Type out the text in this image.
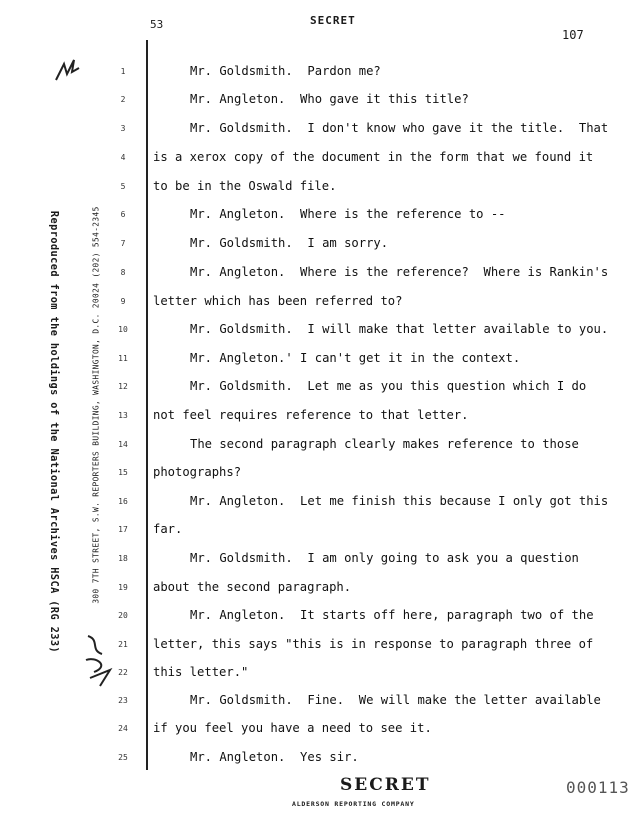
53	SECRET
107
Reproduced from the holdings of the National Archives HSCA (RG 233)	300 7TH STREET, S.W. REPORTERS BUILDING, WASHINGTON, D.C. 20024 (202) 554-2345
1
2
3
4
5
6
7
8
9
10
11
12
13
14
15
16
17
18
19
20
21
22
23
24
25
Mr. Goldsmith.  Pardon me?
Mr. Angleton.  Who gave it this title?
Mr. Goldsmith.  I don't know who gave it the title.  That
is a xerox copy of the document in the form that we found it
to be in the Oswald file.
Mr. Angleton.  Where is the reference to --
Mr. Goldsmith.  I am sorry.
Mr. Angleton.  Where is the reference?  Where is Rankin's
letter which has been referred to?
Mr. Goldsmith.  I will make that letter available to you.
Mr. Angleton.' I can't get it in the context.
Mr. Goldsmith.  Let me as you this question which I do
not feel requires reference to that letter.
The second paragraph clearly makes reference to those
photographs?
Mr. Angleton.  Let me finish this because I only got this
far.
Mr. Goldsmith.  I am only going to ask you a question
about the second paragraph.
Mr. Angleton.  It starts off here, paragraph two of the
letter, this says "this is in response to paragraph three of
this letter."
Mr. Goldsmith.  Fine.  We will make the letter available
if you feel you have a need to see it.
Mr. Angleton.  Yes sir.
SECRET
ALDERSON REPORTING COMPANY
000113
